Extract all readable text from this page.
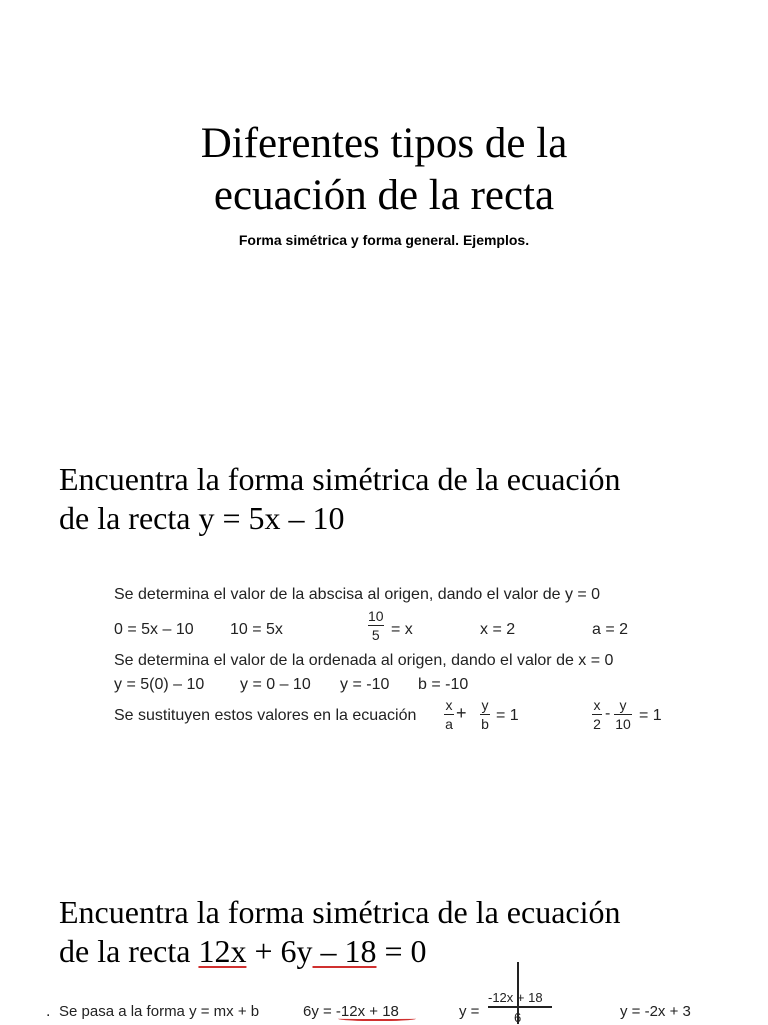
Diferentes tipos de la
ecuación de la recta
Forma simétrica y forma general. Ejemplos.
Encuentra la forma simétrica de la ecuación
de la recta y = 5x – 10
Se determina el valor de la abscisa al origen, dando el valor de y = 0
0 = 5x – 10 10 = 5x
10
5 = x	x = 2	a = 2
Se determina el valor de la ordenada al origen, dando el valor de x = 0
y = 5(0) – 10 y = 0 – 10 y = -10 b = -10
Se sustituyen estos valores en la ecuación
x
a
+ y
b = 1
x
2
- y
10 = 1
Encuentra la forma simétrica de la ecuación
de la recta 12x + 6y – 18 = 0
. Se pasa a la forma y = mx + b	6y = -12x + 18	y =
-12x + 18
6	y = -2x + 3
